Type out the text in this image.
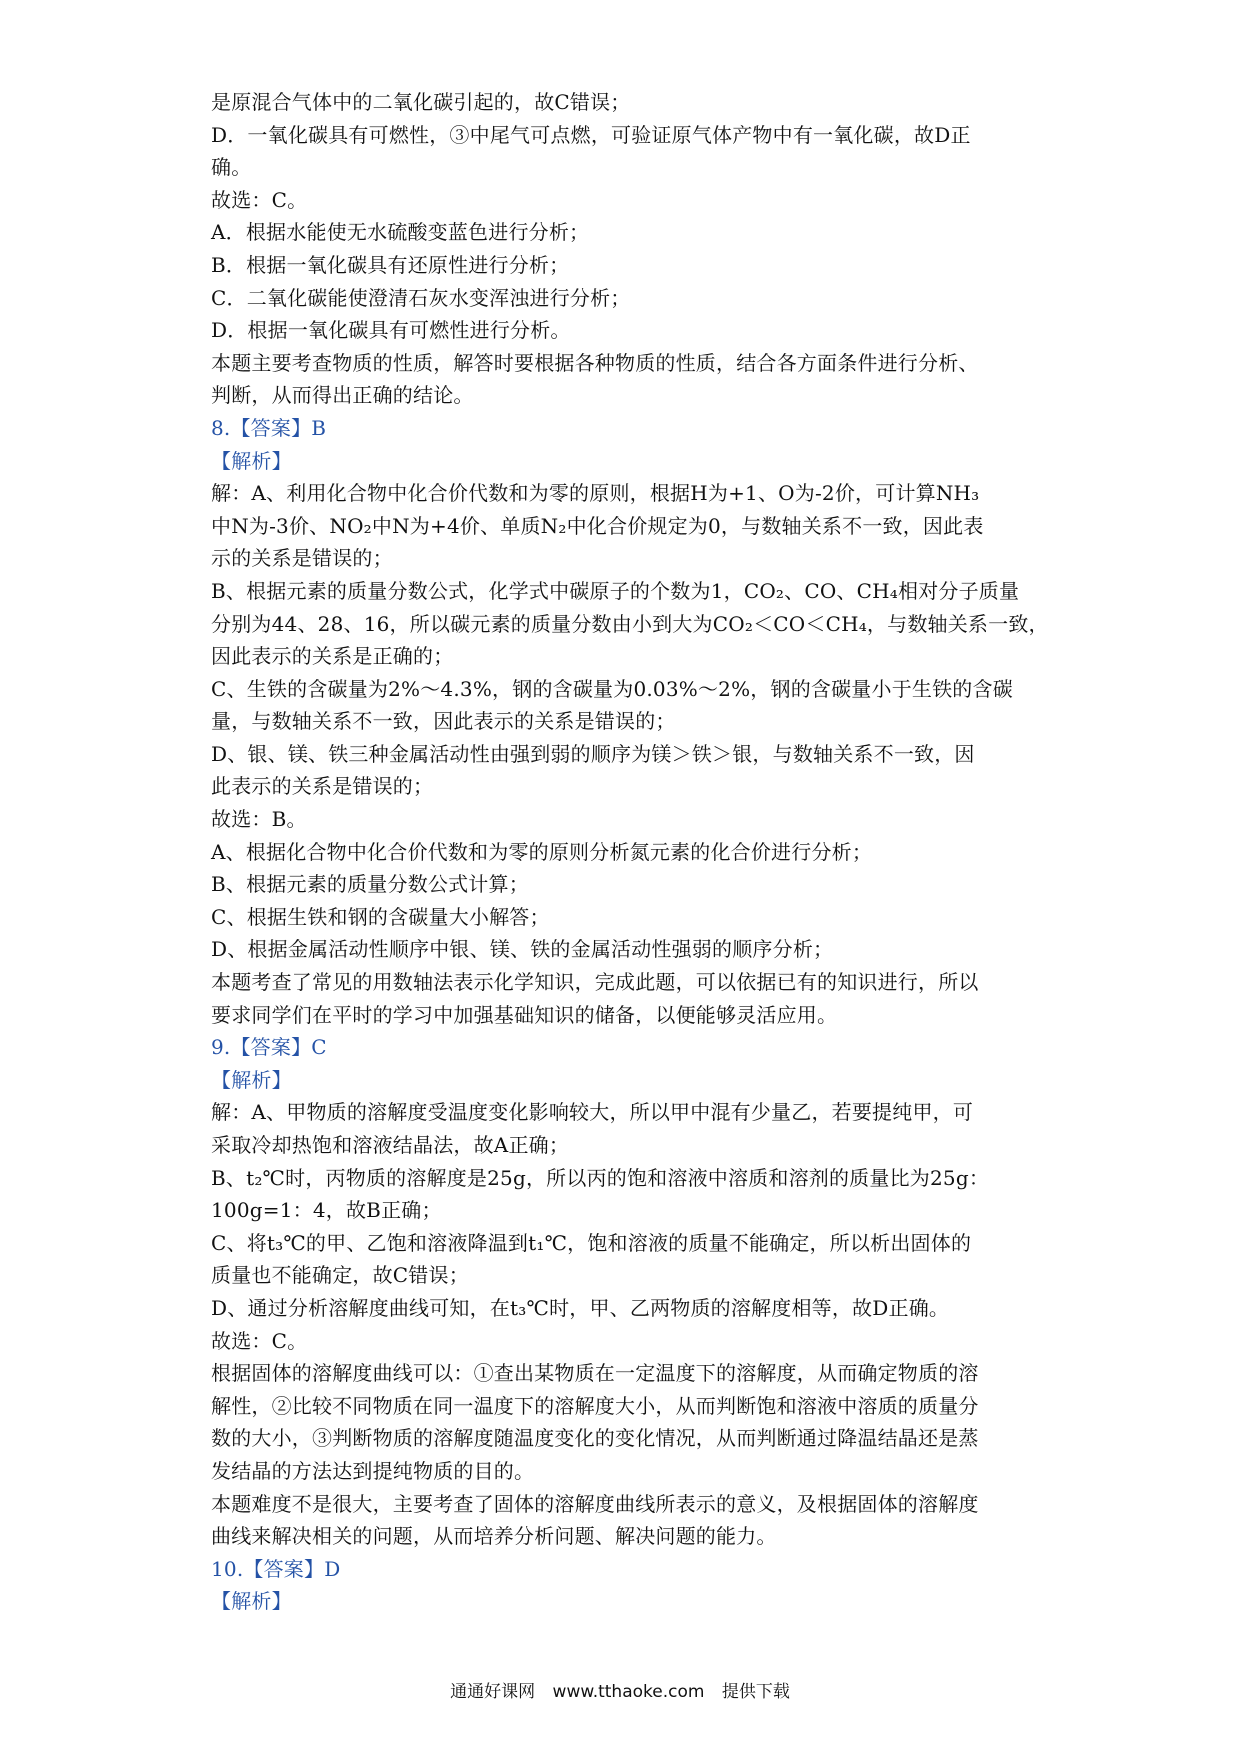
是原混合气体中的二氧化碳引起的，故C错误；
D．一氧化碳具有可燃性，③中尾气可点燃，可验证原气体产物中有一氧化碳，故D正
确。
故选：C。
A．根据水能使无水硫酸变蓝色进行分析；
B．根据一氧化碳具有还原性进行分析；
C．二氧化碳能使澄清石灰水变浑浊进行分析；
D．根据一氧化碳具有可燃性进行分析。
本题主要考查物质的性质，解答时要根据各种物质的性质，结合各方面条件进行分析、
判断，从而得出正确的结论。
8.【答案】B
【解析】
解：A、利用化合物中化合价代数和为零的原则，根据H为+1、O为-2价，可计算NH₃
中N为-3价、NO₂中N为+4价、单质N₂中化合价规定为0，与数轴关系不一致，因此表
示的关系是错误的；
B、根据元素的质量分数公式，化学式中碳原子的个数为1，CO₂、CO、CH₄相对分子质量
分别为44、28、16，所以碳元素的质量分数由小到大为CO₂＜CO＜CH₄，与数轴关系一致，
因此表示的关系是正确的；
C、生铁的含碳量为2%～4.3%，钢的含碳量为0.03%～2%，钢的含碳量小于生铁的含碳
量，与数轴关系不一致，因此表示的关系是错误的；
D、银、镁、铁三种金属活动性由强到弱的顺序为镁＞铁＞银，与数轴关系不一致，因
此表示的关系是错误的；
故选：B。
A、根据化合物中化合价代数和为零的原则分析氮元素的化合价进行分析；
B、根据元素的质量分数公式计算；
C、根据生铁和钢的含碳量大小解答；
D、根据金属活动性顺序中银、镁、铁的金属活动性强弱的顺序分析；
本题考查了常见的用数轴法表示化学知识，完成此题，可以依据已有的知识进行，所以
要求同学们在平时的学习中加强基础知识的储备，以便能够灵活应用。
9.【答案】C
【解析】
解：A、甲物质的溶解度受温度变化影响较大，所以甲中混有少量乙，若要提纯甲，可
采取冷却热饱和溶液结晶法，故A正确；
B、t₂℃时，丙物质的溶解度是25g，所以丙的饱和溶液中溶质和溶剂的质量比为25g：
100g=1：4，故B正确；
C、将t₃℃的甲、乙饱和溶液降温到t₁℃，饱和溶液的质量不能确定，所以析出固体的
质量也不能确定，故C错误；
D、通过分析溶解度曲线可知，在t₃℃时，甲、乙两物质的溶解度相等，故D正确。
故选：C。
根据固体的溶解度曲线可以：①查出某物质在一定温度下的溶解度，从而确定物质的溶
解性，②比较不同物质在同一温度下的溶解度大小，从而判断饱和溶液中溶质的质量分
数的大小，③判断物质的溶解度随温度变化的变化情况，从而判断通过降温结晶还是蒸
发结晶的方法达到提纯物质的目的。
本题难度不是很大，主要考查了固体的溶解度曲线所表示的意义，及根据固体的溶解度
曲线来解决相关的问题，从而培养分析问题、解决问题的能力。
10.【答案】D
【解析】
通通好课网 www.tthaoke.com 提供下载
